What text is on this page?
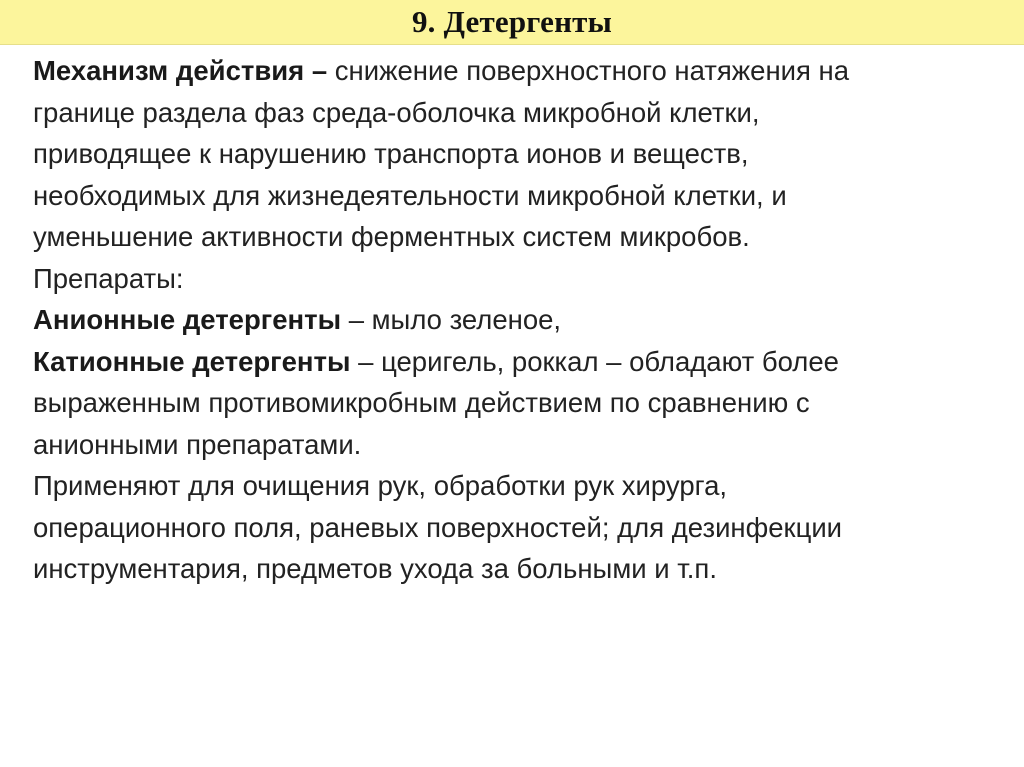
9. Детергенты

Механизм действия – снижение поверхностного натяжения на

границе раздела фаз среда-оболочка микробной клетки,

приводящее к нарушению транспорта ионов и веществ,

необходимых для жизнедеятельности микробной клетки, и

уменьшение активности ферментных систем микробов.

Препараты:

Анионные детергенты – мыло зеленое,

Катионные детергенты – церигель, роккал – обладают более

выраженным противомикробным действием по сравнению с

анионными препаратами.

Применяют для очищения рук, обработки рук хирурга,

операционного поля, раневых поверхностей; для дезинфекции

инструментария, предметов ухода за больными и т.п.
